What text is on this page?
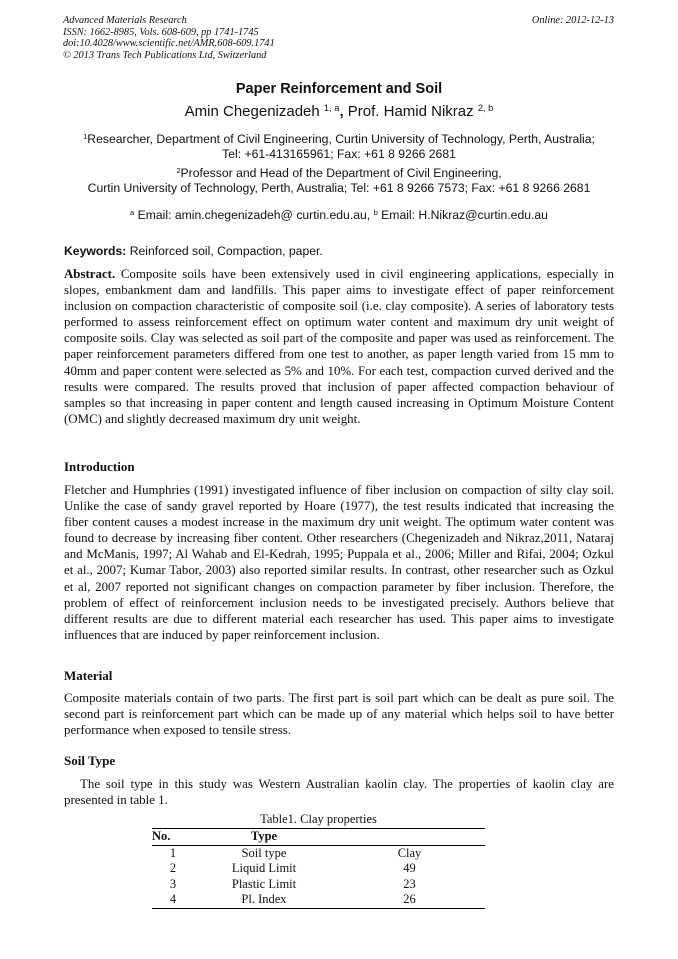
Advanced Materials Research
ISSN: 1662-8985, Vols. 608-609, pp 1741-1745
doi:10.4028/www.scientific.net/AMR.608-609.1741
© 2013 Trans Tech Publications Ltd, Switzerland
Online: 2012-12-13
Paper Reinforcement and Soil
Amin Chegenizadeh $^{1, a}$, Prof. Hamid Nikraz $^{2, b}$
$^1$Researcher, Department of Civil Engineering, Curtin University of Technology, Perth, Australia;
Tel: +61-413165961; Fax: +61 8 9266 2681
$^2$Professor and Head of the Department of Civil Engineering,
Curtin University of Technology, Perth, Australia; Tel: +61 8 9266 7573; Fax: +61 8 9266 2681
$^a$ Email: amin.chegenizadeh@ curtin.edu.au, $^b$ Email: H.Nikraz@curtin.edu.au
Keywords: Reinforced soil, Compaction, paper.

Abstract. Composite soils have been extensively used in civil engineering applications, especially in slopes, embankment dam and landfills. This paper aims to investigate effect of paper reinforcement inclusion on compaction characteristic of composite soil (i.e. clay composite). A series of laboratory tests performed to assess reinforcement effect on optimum water content and maximum dry unit weight of composite soils. Clay was selected as soil part of the composite and paper was used as reinforcement. The paper reinforcement parameters differed from one test to another, as paper length varied from 15 mm to 40mm and paper content were selected as 5% and 10%. For each test, compaction curved derived and the results were compared. The results proved that inclusion of paper affected compaction behaviour of samples so that increasing in paper content and length caused increasing in Optimum Moisture Content (OMC) and slightly decreased maximum dry unit weight.

Introduction

Fletcher and Humphries (1991) investigated influence of fiber inclusion on compaction of silty clay soil. Unlike the case of sandy gravel reported by Hoare (1977), the test results indicated that increasing the fiber content causes a modest increase in the maximum dry unit weight. The optimum water content was found to decrease by increasing fiber content. Other researchers (Chegenizadeh and Nikraz,2011, Nataraj and McManis, 1997; Al Wahab and El-Kedrah, 1995; Puppala et al., 2006; Miller and Rifai, 2004; Ozkul et al., 2007; Kumar Tabor, 2003) also reported similar results. In contrast, other researcher such as Ozkul et al, 2007 reported not significant changes on compaction parameter by fiber inclusion. Therefore, the problem of effect of reinforcement inclusion needs to be investigated precisely. Authors believe that different results are due to different material each researcher has used. This paper aims to investigate influences that are induced by paper reinforcement inclusion.

Material

Composite materials contain of two parts. The first part is soil part which can be dealt as pure soil. The second part is reinforcement part which can be made up of any material which helps soil to have better performance when exposed to tensile stress.

Soil Type

The soil type in this study was Western Australian kaolin clay. The properties of kaolin clay are presented in table 1.

Table1. Clay properties
No.	Type	
1	Soil type	Clay
2	Liquid Limit	49
3	Plastic Limit	23
4	Pl. Index	26
